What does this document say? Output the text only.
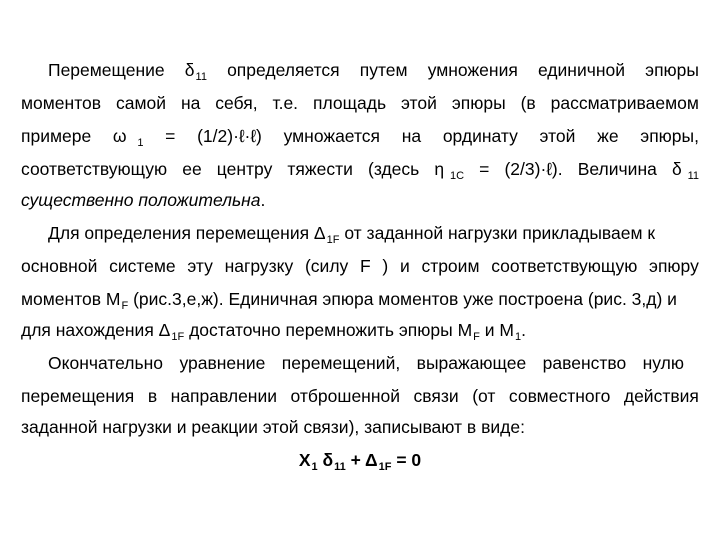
Перемещение $\delta_{11}$ определяется путем умножения единичной эпюры
моментов самой на себя, т.е. площадь этой эпюры (в рассматриваемом
примере ω $_1$ = (1/2)·ℓ·ℓ) умножается на ординату этой же эпюры,
соответствующую ее центру тяжести (здесь η $_{1С}$ = (2/3)·ℓ). Величина δ $_{11}$
существенно положительна.
Для определения перемещения $\Delta_{1F}$ от заданной нагрузки прикладываем к
основной системе эту нагрузку (силу F ) и строим соответствующую эпюру
моментов $M_F$ (рис.3,е,ж). Единичная эпюра моментов уже построена (рис. 3,д) и
для нахождения $\Delta_{1F}$ достаточно перемножить эпюры $M_F$ и $M_1$.
Окончательно уравнение перемещений, выражающее равенство нулю
перемещения в направлении отброшенной связи (от совместного действия
заданной нагрузки и реакции этой связи), записывают в виде:
$X_1$ $\delta_{11} + \Delta_{1F} = 0$
